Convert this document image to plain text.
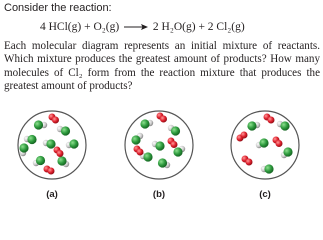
Consider the reaction:
4 HCl(g) + O₂(g) → 2 H₂O(g) + 2 Cl₂(g)
Each molecular diagram represents an initial mixture of reactants. Which mixture produces the greatest amount of products? How many molecules of Cl₂ form from the reaction mixture that produces the greatest amount of products?
(a)	(b)	(c)
